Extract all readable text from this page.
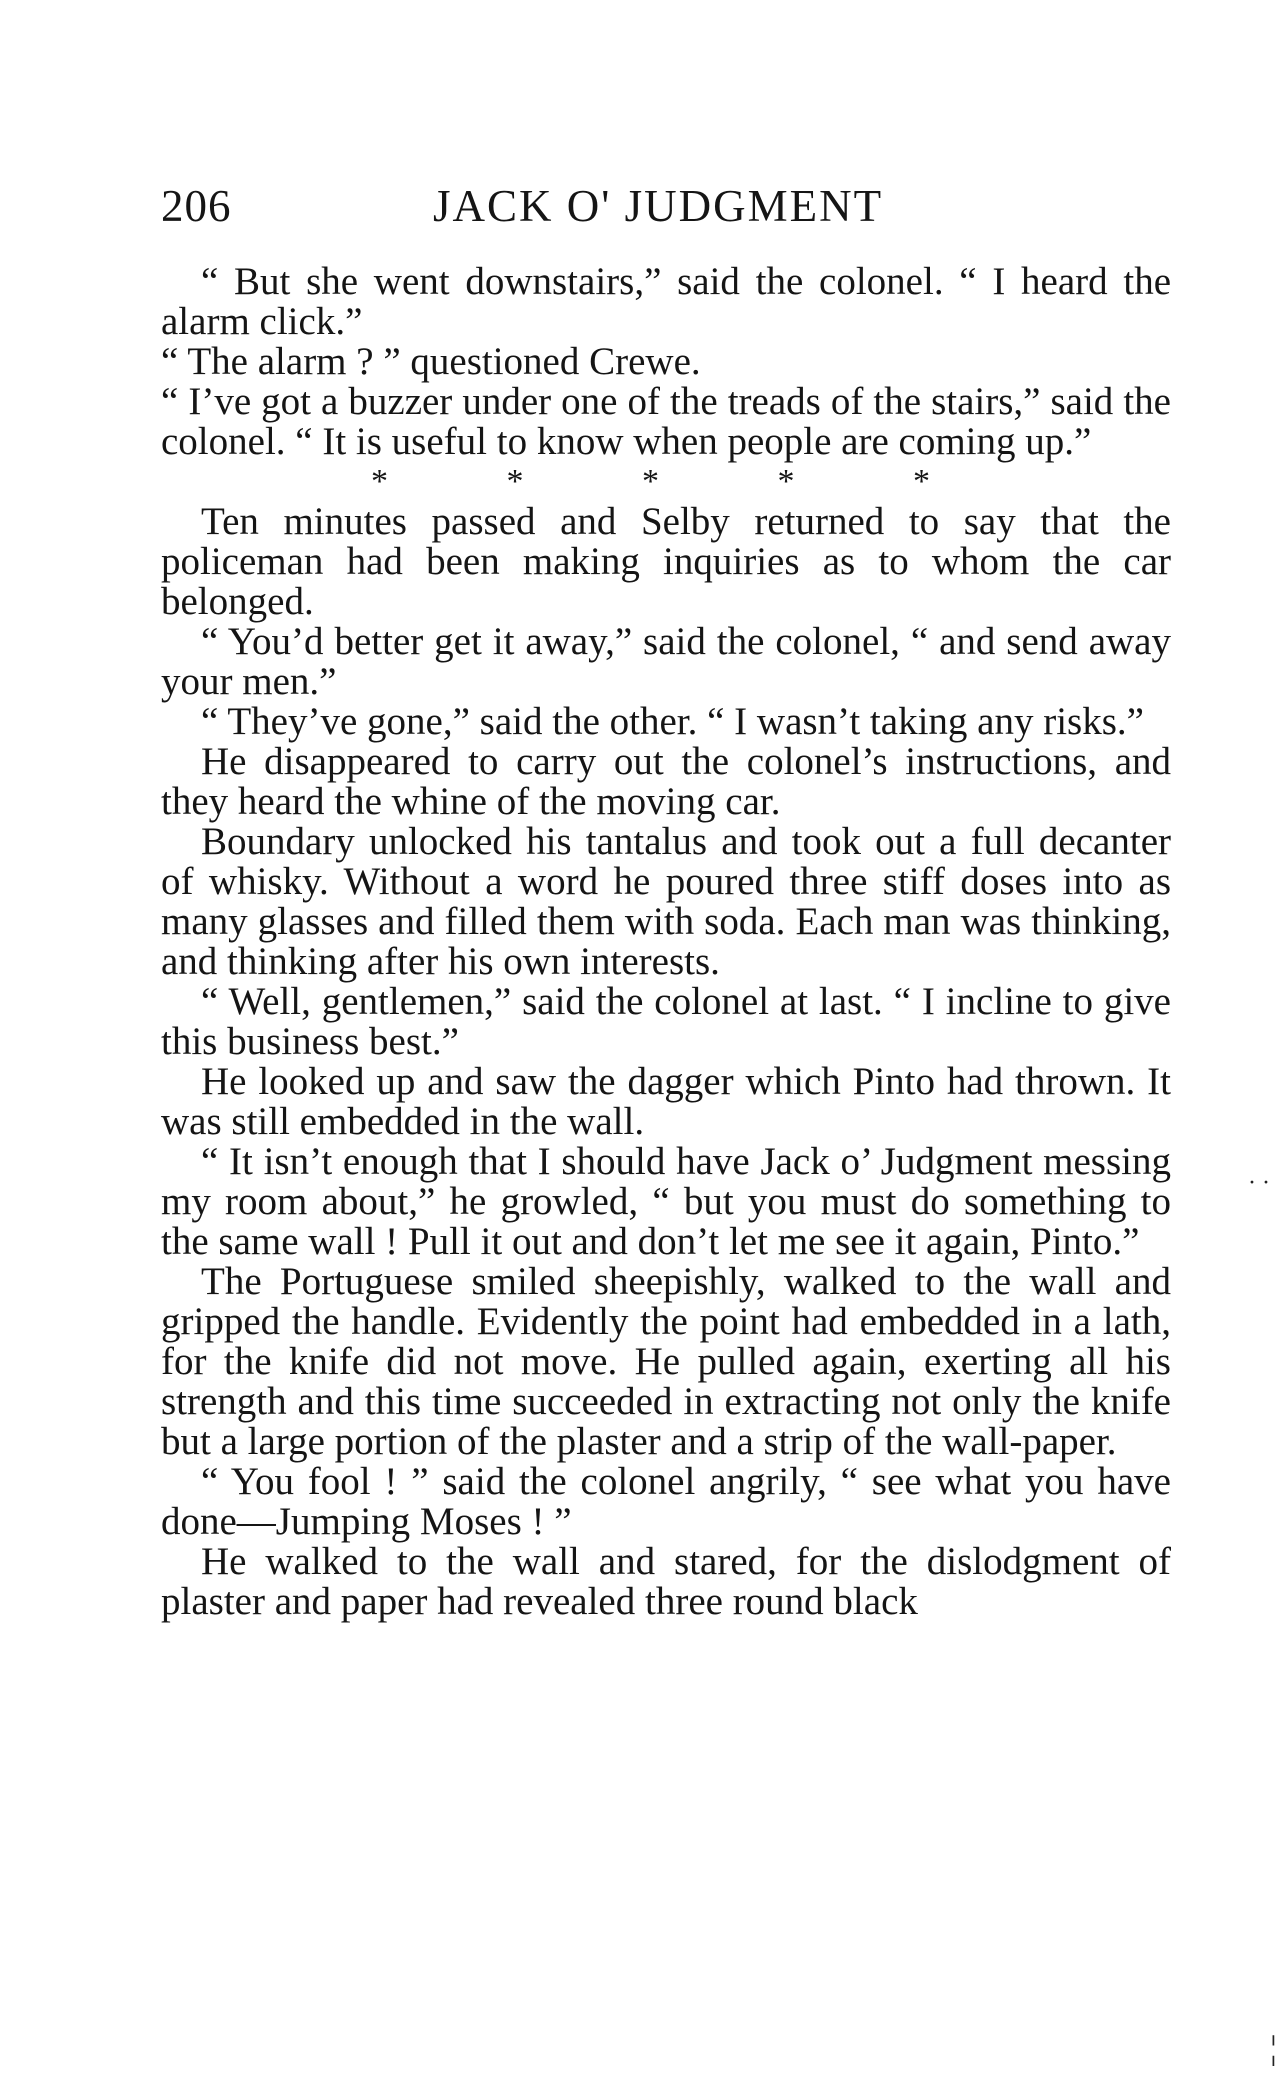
206	JACK O' JUDGMENT

“ But she went downstairs,” said the colonel. “ I heard the alarm click.”

“ The alarm ? ” questioned Crewe.

“ I’ve got a buzzer under one of the treads of the stairs,” said the colonel. “ It is useful to know when people are coming up.”

* * * * *

Ten minutes passed and Selby returned to say that the policeman had been making inquiries as to whom the car belonged.

“ You’d better get it away,” said the colonel, “ and send away your men.”

“ They’ve gone,” said the other. “ I wasn’t taking any risks.”

He disappeared to carry out the colonel’s instructions, and they heard the whine of the moving car.

Boundary unlocked his tantalus and took out a full decanter of whisky. Without a word he poured three stiff doses into as many glasses and filled them with soda. Each man was thinking, and thinking after his own interests.

“ Well, gentlemen,” said the colonel at last. “ I incline to give this business best.”

He looked up and saw the dagger which Pinto had thrown. It was still embedded in the wall.

“ It isn’t enough that I should have Jack o’ Judgment messing my room about,” he growled, “ but you must do something to the same wall ! Pull it out and don’t let me see it again, Pinto.”

The Portuguese smiled sheepishly, walked to the wall and gripped the handle. Evidently the point had embedded in a lath, for the knife did not move. He pulled again, exerting all his strength and this time succeeded in extracting not only the knife but a large portion of the plaster and a strip of the wall-paper.

“ You fool ! ” said the colonel angrily, “ see what you have done—Jumping Moses ! ”

He walked to the wall and stared, for the dislodgment of plaster and paper had revealed three round black

· ·
¦
